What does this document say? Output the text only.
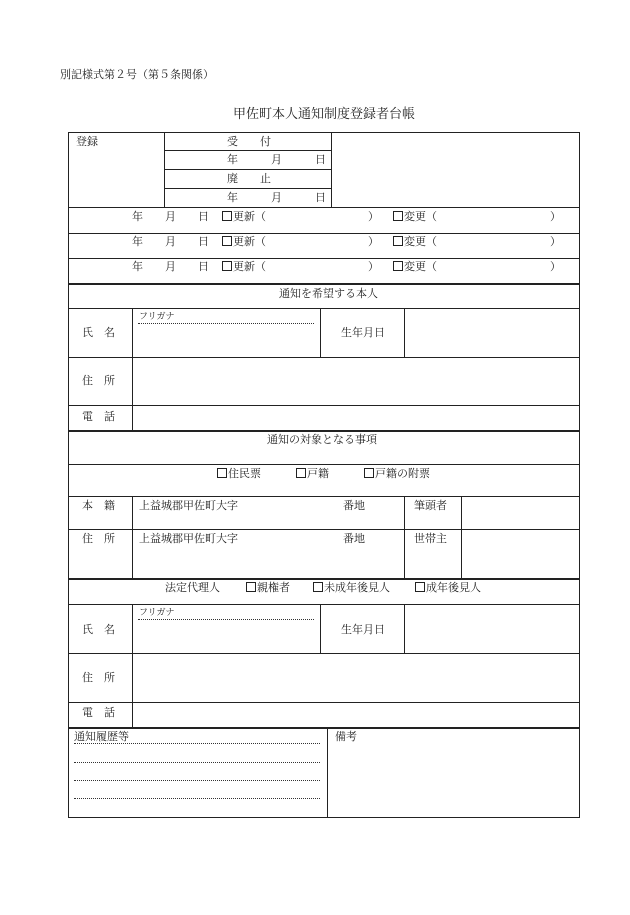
別記様式第２号（第５条関係）
甲佐町本人通知制度登録者台帳
登録	受　　付
年　　　月　　　日
廃　　止
年　　　月　　　日
年　　月　　日	更新（	）	変更（	）
年　　月　　日	更新（	）	変更（	）
年　　月　　日	更新（	）	変更（	）
通知を希望する本人
フリガナ
氏　名	生年月日
住　所
電　話
通知の対象となる事項
住民票	戸籍	戸籍の附票
本　籍 上益城郡甲佐町大字	番地	筆頭者
住　所 上益城郡甲佐町大字	番地	世帯主
法定代理人	親権者	未成年後見人	成年後見人
フリガナ
氏　名	生年月日
住　所
電　話
通知履歴等	備考
